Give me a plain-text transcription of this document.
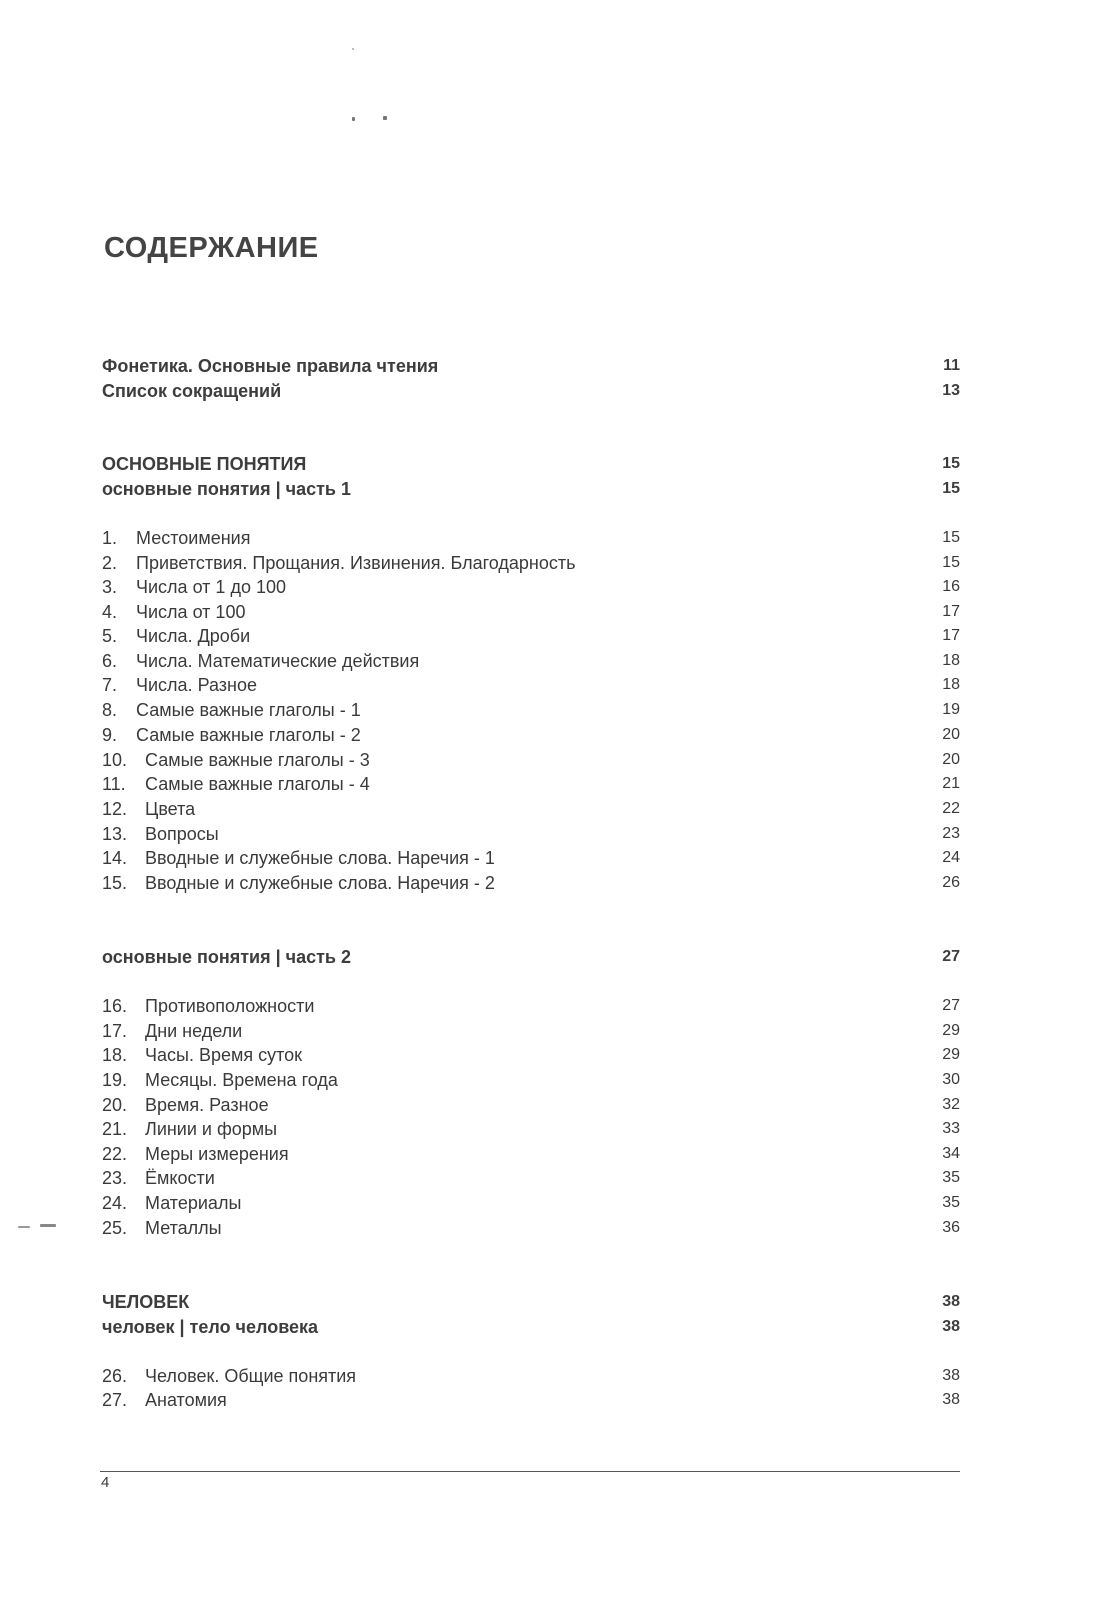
СОДЕРЖАНИЕ
Фонетика. Основные правила чтения	11
Список сокращений	13
ОСНОВНЫЕ ПОНЯТИЯ	15
основные понятия | часть 1	15
1. Местоимения	15
2. Приветствия. Прощания. Извинения. Благодарность	15
3. Числа от 1 до 100	16
4. Числа от 100	17
5. Числа. Дроби	17
6. Числа. Математические действия	18
7. Числа. Разное	18
8. Самые важные глаголы - 1	19
9. Самые важные глаголы - 2	20
10. Самые важные глаголы - 3	20
11. Самые важные глаголы - 4	21
12. Цвета	22
13. Вопросы	23
14. Вводные и служебные слова. Наречия - 1	24
15. Вводные и служебные слова. Наречия - 2	26
основные понятия | часть 2	27
16. Противоположности	27
17. Дни недели	29
18. Часы. Время суток	29
19. Месяцы. Времена года	30
20. Время. Разное	32
21. Линии и формы	33
22. Меры измерения	34
23. Ёмкости	35
24. Материалы	35
25. Металлы	36
ЧЕЛОВЕК	38
человек | тело человека	38
26. Человек. Общие понятия	38
27. Анатомия	38
4
